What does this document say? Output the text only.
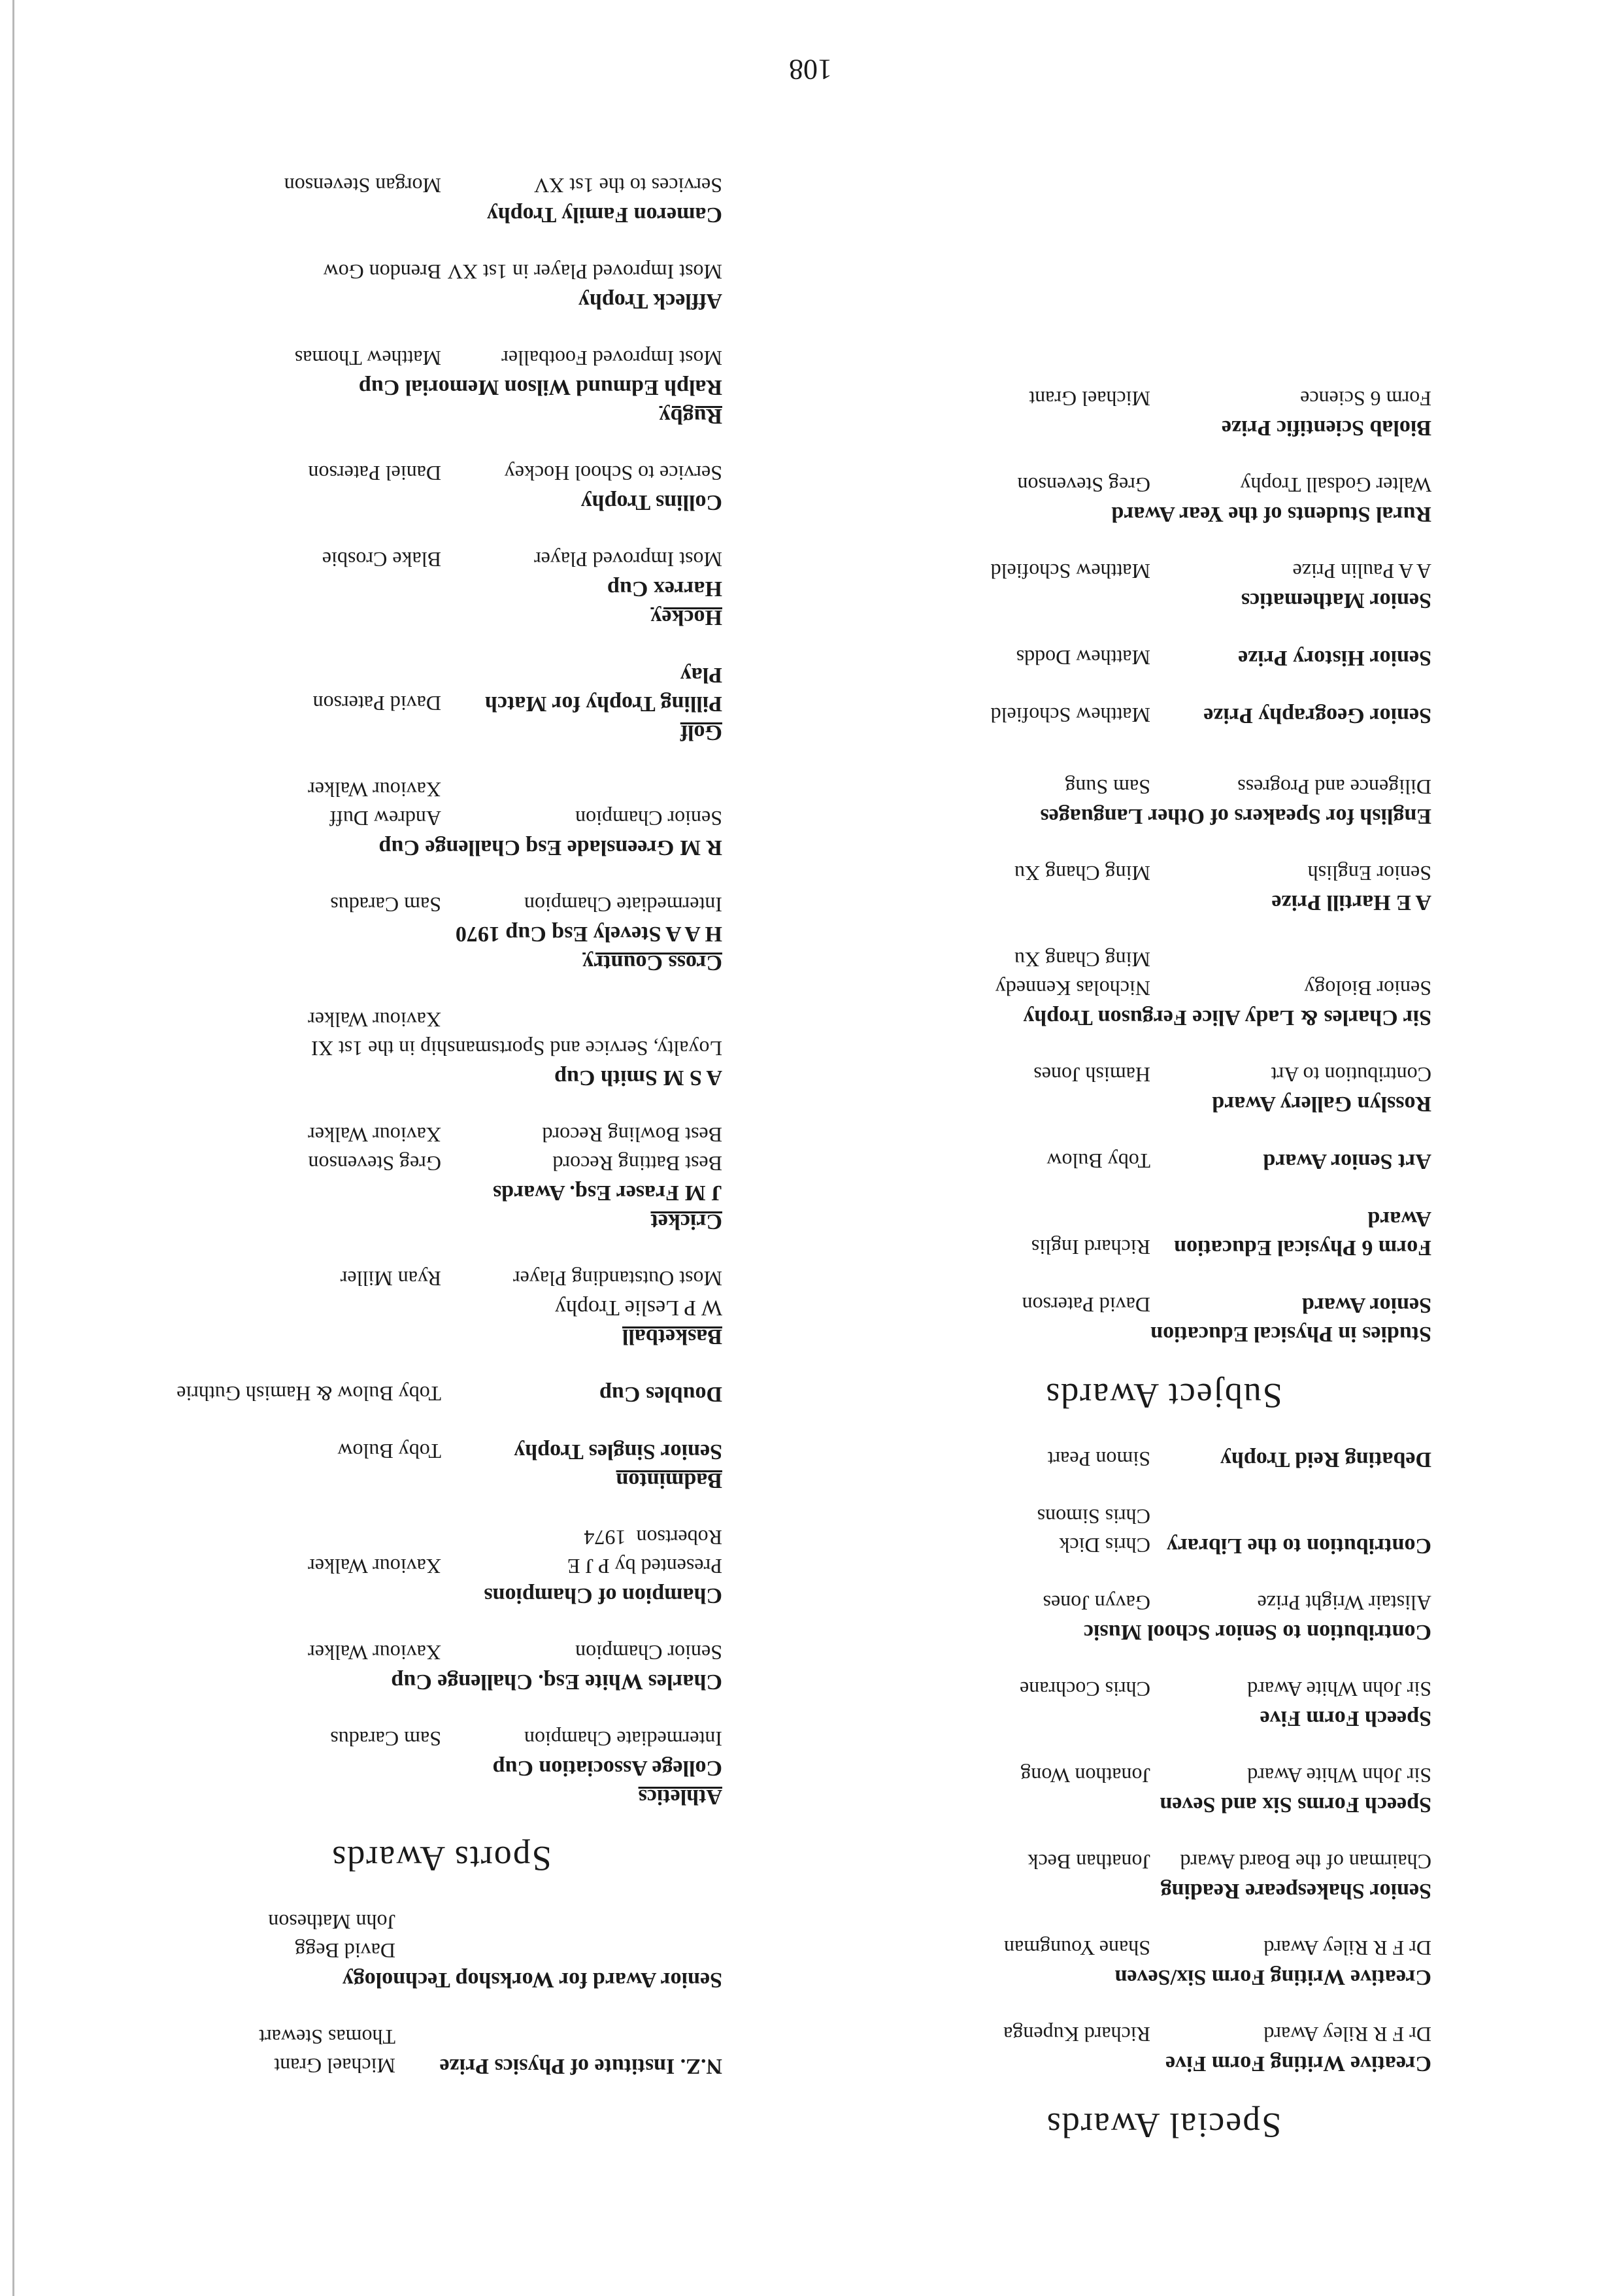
108
Special Awards
Creative Writing Form Five
Dr F R Riley Award
Richard Kupenga
Creative Writing Form Six/Seven
Dr F R Riley Award
Shane Youngman
Senior Shakespeare Reading
Chairman of the Board Award
Jonathan Beck
Speech Forms Six and Seven
Sir John White Award
Jonathon Wong
Speech Form Five
Sir John White Award
Chris Cochrane
Contribution to Senior School Music
Alistair Wright Prize
Gavyn Jones
Contribution to the Library
Chris Dick
Chris Simons
Debating Reid Trophy
Simon Peart
Subject Awards
Studies in Physical Education
Senior Award
David Paterson
Form 6 Physical Education Award
Richard Inglis
Art Senior Award
Toby Bulow
Rosslyn Gallery Award
Contribution to Art
Hamish Jones
Sir Charles & Lady Alice Ferguson Trophy
Senior Biology
Nicholas Kennedy
Ming Chang Xu
A E Hartill Prize
Senior English
Ming Chang Xu
English for Speakers of Other Languages
Diligence and Progress
Sam Sung
Senior Geography Prize
Matthew Schofield
Senior History Prize
Matthew Dodds
Senior Mathematics
A A Paulin Prize
Matthew Schofield
Rural Students of the Year Award
Walter Godsall Trophy
Greg Stevenson
Biolab Scientific Prize
Form 6 Science
Michael Grant
N.Z. Institute of Physics Prize
Michael Grant
Thomas Stewart
Senior Award for Workshop Technology
David Begg
John Matheson
Sports Awards
Athletics
College Association Cup
Intermediate Champion
Sam Caradus
Charles White Esq. Challenge Cup
Senior Champion
Xaviour Walker
Champion of Champions
Presented by P J E Robertson  1974
Xaviour Walker
Badminton
Senior Singles Trophy
Toby Bulow
Doubles Cup
Toby Bulow & Hamish Guthrie
Basketball
W P Leslie Trophy
Most Outstanding Player
Ryan Miller
Cricket
J M Fraser Esq. Awards
Best Batting Record
Greg Stevenson
Best Bowling Record
Xaviour Walker
A S M Smith Cup
Loyalty, Service and Sportsmanship in the 1st XI
Xaviour Walker
Cross Country
H A A Stevely Esq Cup 1970
Intermediate Champion
Sam Caradus
R M Greenslade Esq Challenge Cup
Senior Champion
Andrew Duff
Xaviour Walker
Golf
Pilling Trophy for Match Play
David Paterson
Hockey
Harrex Cup
Most Improved Player
Blake Crosbie
Collins Trophy
Service to School Hockey
Daniel Paterson
Rugby
Ralph Edmund Wilson Memorial Cup
Most Improved Footballer
Matthew Thomas
Affleck Trophy
Most Improved Player in 1st XV
Brendon Gow
Cameron Family Trophy
Services to the 1st XV
Morgan Stevenson
